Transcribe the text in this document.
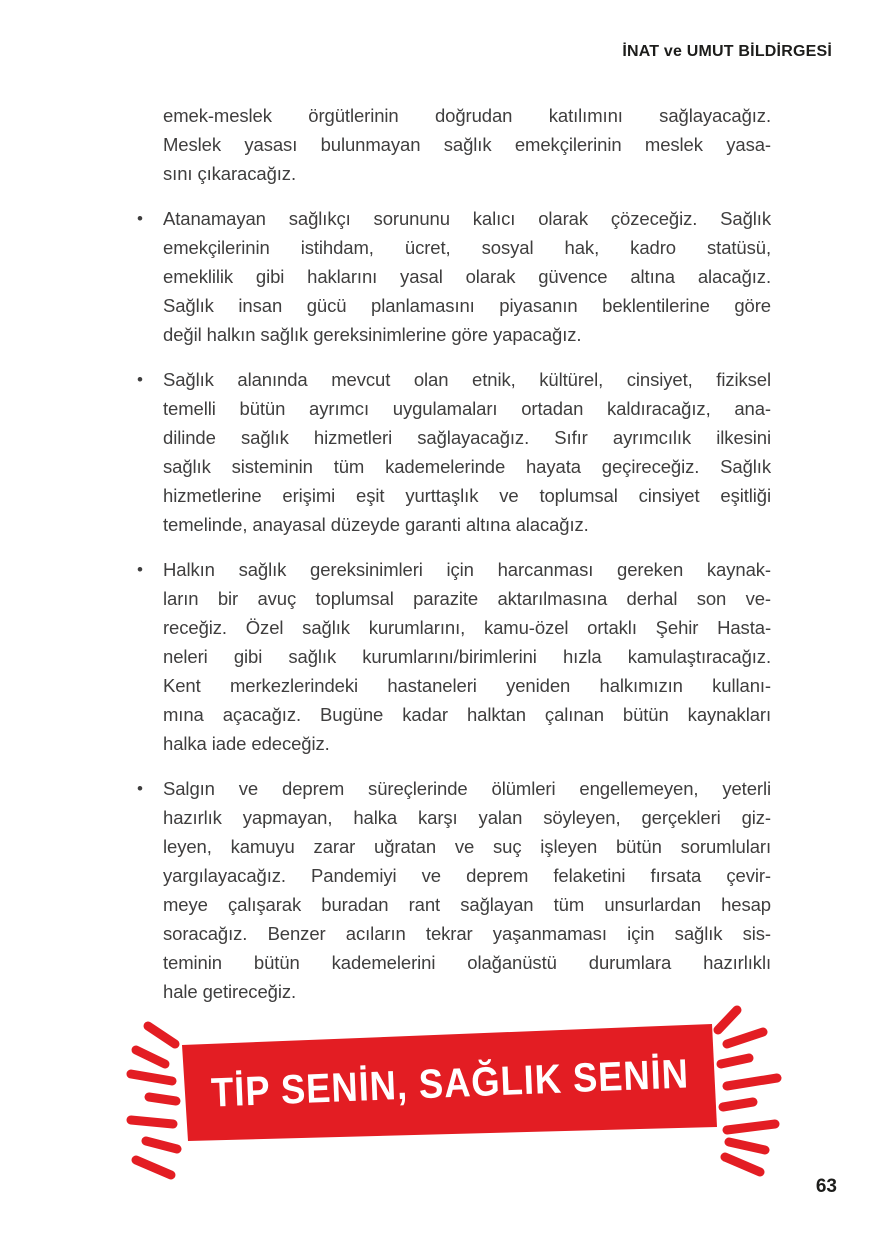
İNAT ve UMUT BİLDİRGESİ
emek-meslek örgütlerinin doğrudan katılımını sağlayacağız.
Meslek yasası bulunmayan sağlık emekçilerinin meslek yasa-
sını çıkaracağız.
•	Atanamayan sağlıkçı sorununu kalıcı olarak çözeceğiz. Sağlık
emekçilerinin istihdam, ücret, sosyal hak, kadro statüsü,
emeklilik gibi haklarını yasal olarak güvence altına alacağız.
Sağlık insan gücü planlamasını piyasanın beklentilerine göre
değil halkın sağlık gereksinimlerine göre yapacağız.
•	Sağlık alanında mevcut olan etnik, kültürel, cinsiyet, fiziksel
temelli bütün ayrımcı uygulamaları ortadan kaldıracağız, ana-
dilinde sağlık hizmetleri sağlayacağız. Sıfır ayrımcılık ilkesini
sağlık sisteminin tüm kademelerinde hayata geçireceğiz. Sağlık
hizmetlerine erişimi eşit yurttaşlık ve toplumsal cinsiyet eşitliği
temelinde, anayasal düzeyde garanti altına alacağız.
•	Halkın sağlık gereksinimleri için harcanması gereken kaynak-
ların bir avuç toplumsal parazite aktarılmasına derhal son ve-
receğiz. Özel sağlık kurumlarını, kamu-özel ortaklı Şehir Hasta-
neleri gibi sağlık kurumlarını/birimlerini hızla kamulaştıracağız.
Kent merkezlerindeki hastaneleri yeniden halkımızın kullanı-
mına açacağız. Bugüne kadar halktan çalınan bütün kaynakları
halka iade edeceğiz.
•	Salgın ve deprem süreçlerinde ölümleri engellemeyen, yeterli
hazırlık yapmayan, halka karşı yalan söyleyen, gerçekleri giz-
leyen, kamuyu zarar uğratan ve suç işleyen bütün sorumluları
yargılayacağız. Pandemiyi ve deprem felaketini fırsata çevir-
meye çalışarak buradan rant sağlayan tüm unsurlardan hesap
soracağız. Benzer acıların tekrar yaşanmaması için sağlık sis-
teminin bütün kademelerini olağanüstü durumlara hazırlıklı
hale getireceğiz.
TİP SENİN, SAĞLIK SENİN
63
